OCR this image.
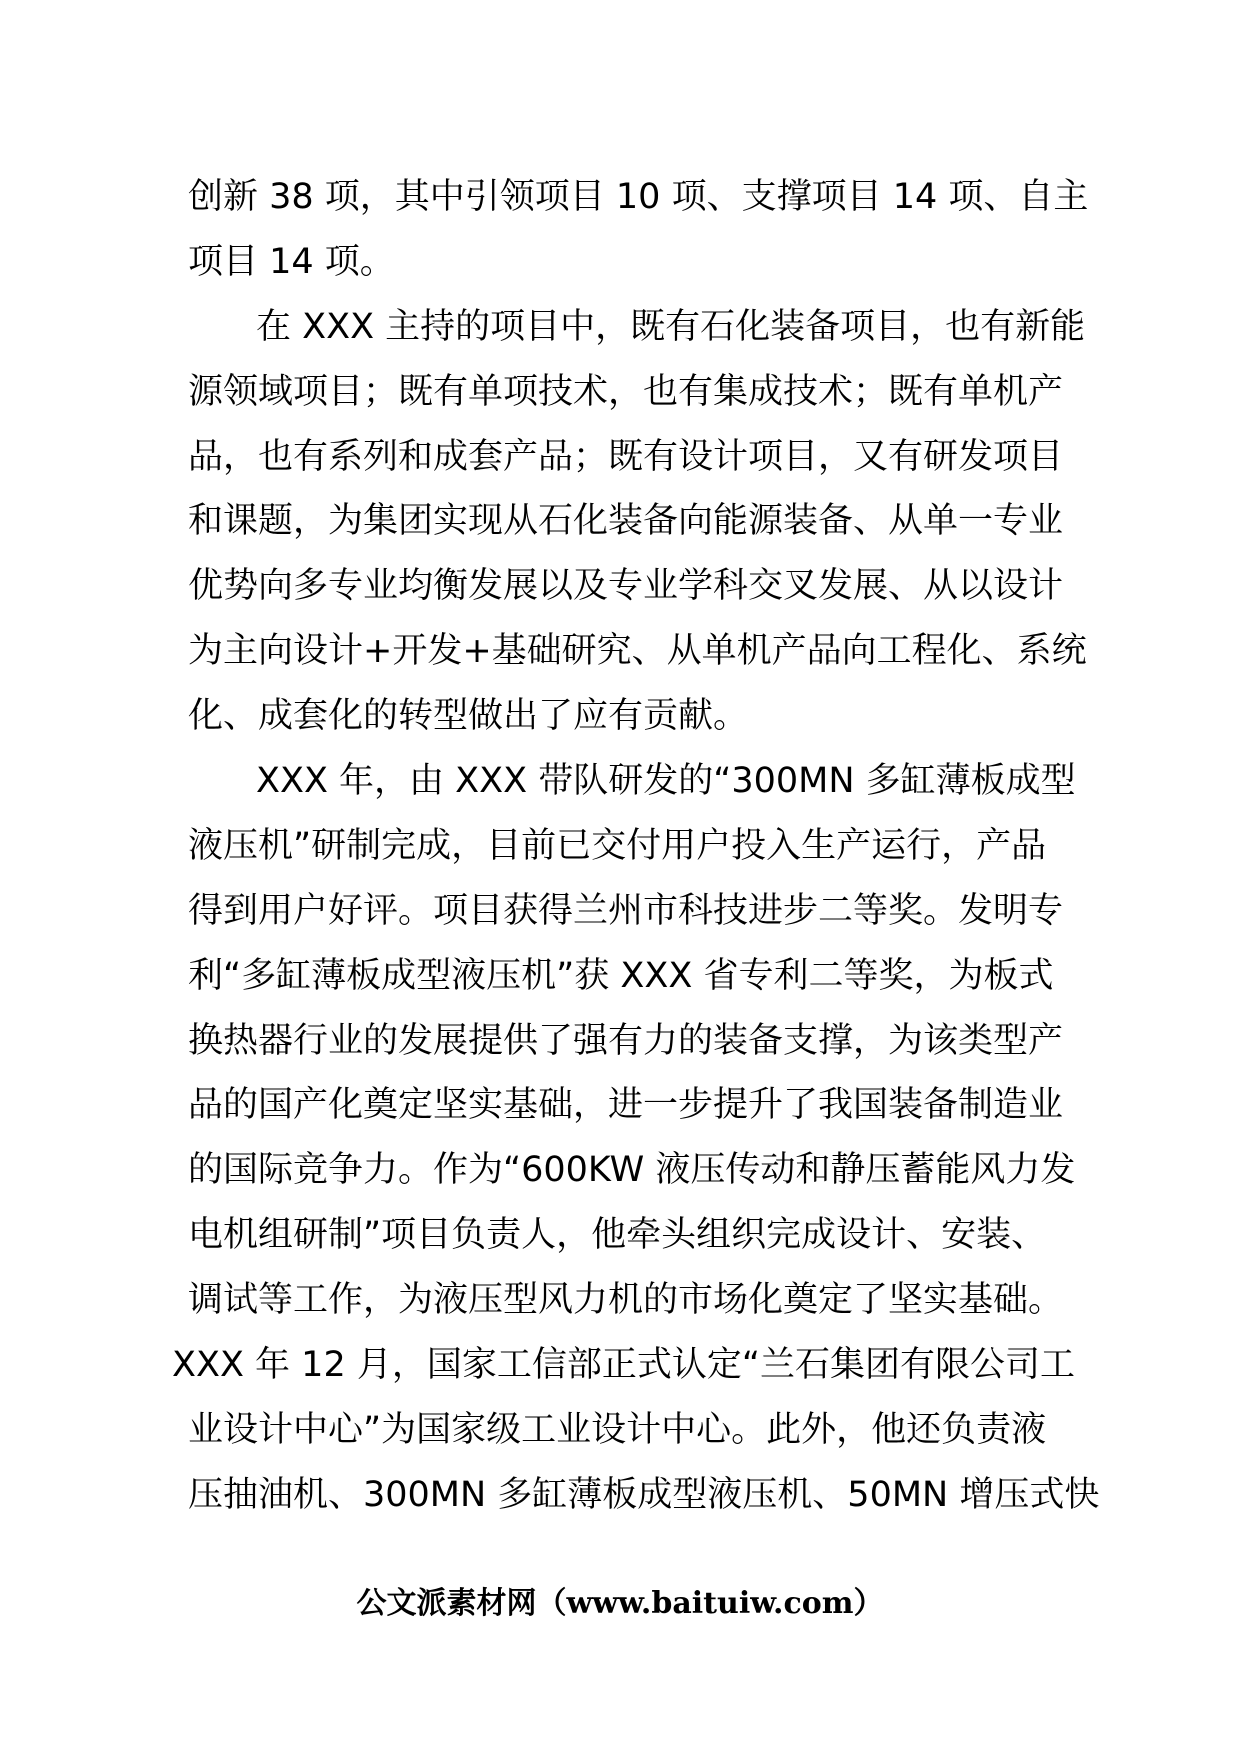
创新 38 项，其中引领项目 10 项、支撑项目 14 项、自主
项目 14 项。
在 XXX 主持的项目中，既有石化装备项目，也有新能
源领域项目；既有单项技术，也有集成技术；既有单机产
品，也有系列和成套产品；既有设计项目，又有研发项目
和课题，为集团实现从石化装备向能源装备、从单一专业
优势向多专业均衡发展以及专业学科交叉发展、从以设计
为主向设计+开发+基础研究、从单机产品向工程化、系统
化、成套化的转型做出了应有贡献。
XXX 年，由 XXX 带队研发的“300MN 多缸薄板成型
液压机”研制完成，目前已交付用户投入生产运行，产品
得到用户好评。项目获得兰州市科技进步二等奖。发明专
利“多缸薄板成型液压机”获 XXX 省专利二等奖，为板式
换热器行业的发展提供了强有力的装备支撑，为该类型产
品的国产化奠定坚实基础，进一步提升了我国装备制造业
的国际竞争力。作为“600KW 液压传动和静压蓄能风力发
电机组研制”项目负责人，他牵头组织完成设计、安装、
调试等工作，为液压型风力机的市场化奠定了坚实基础。
XXX 年 12 月，国家工信部正式认定“兰石集团有限公司工
业设计中心”为国家级工业设计中心。此外，他还负责液
压抽油机、300MN 多缸薄板成型液压机、50MN 增压式快
公文派素材网（www.baituiw.com）
